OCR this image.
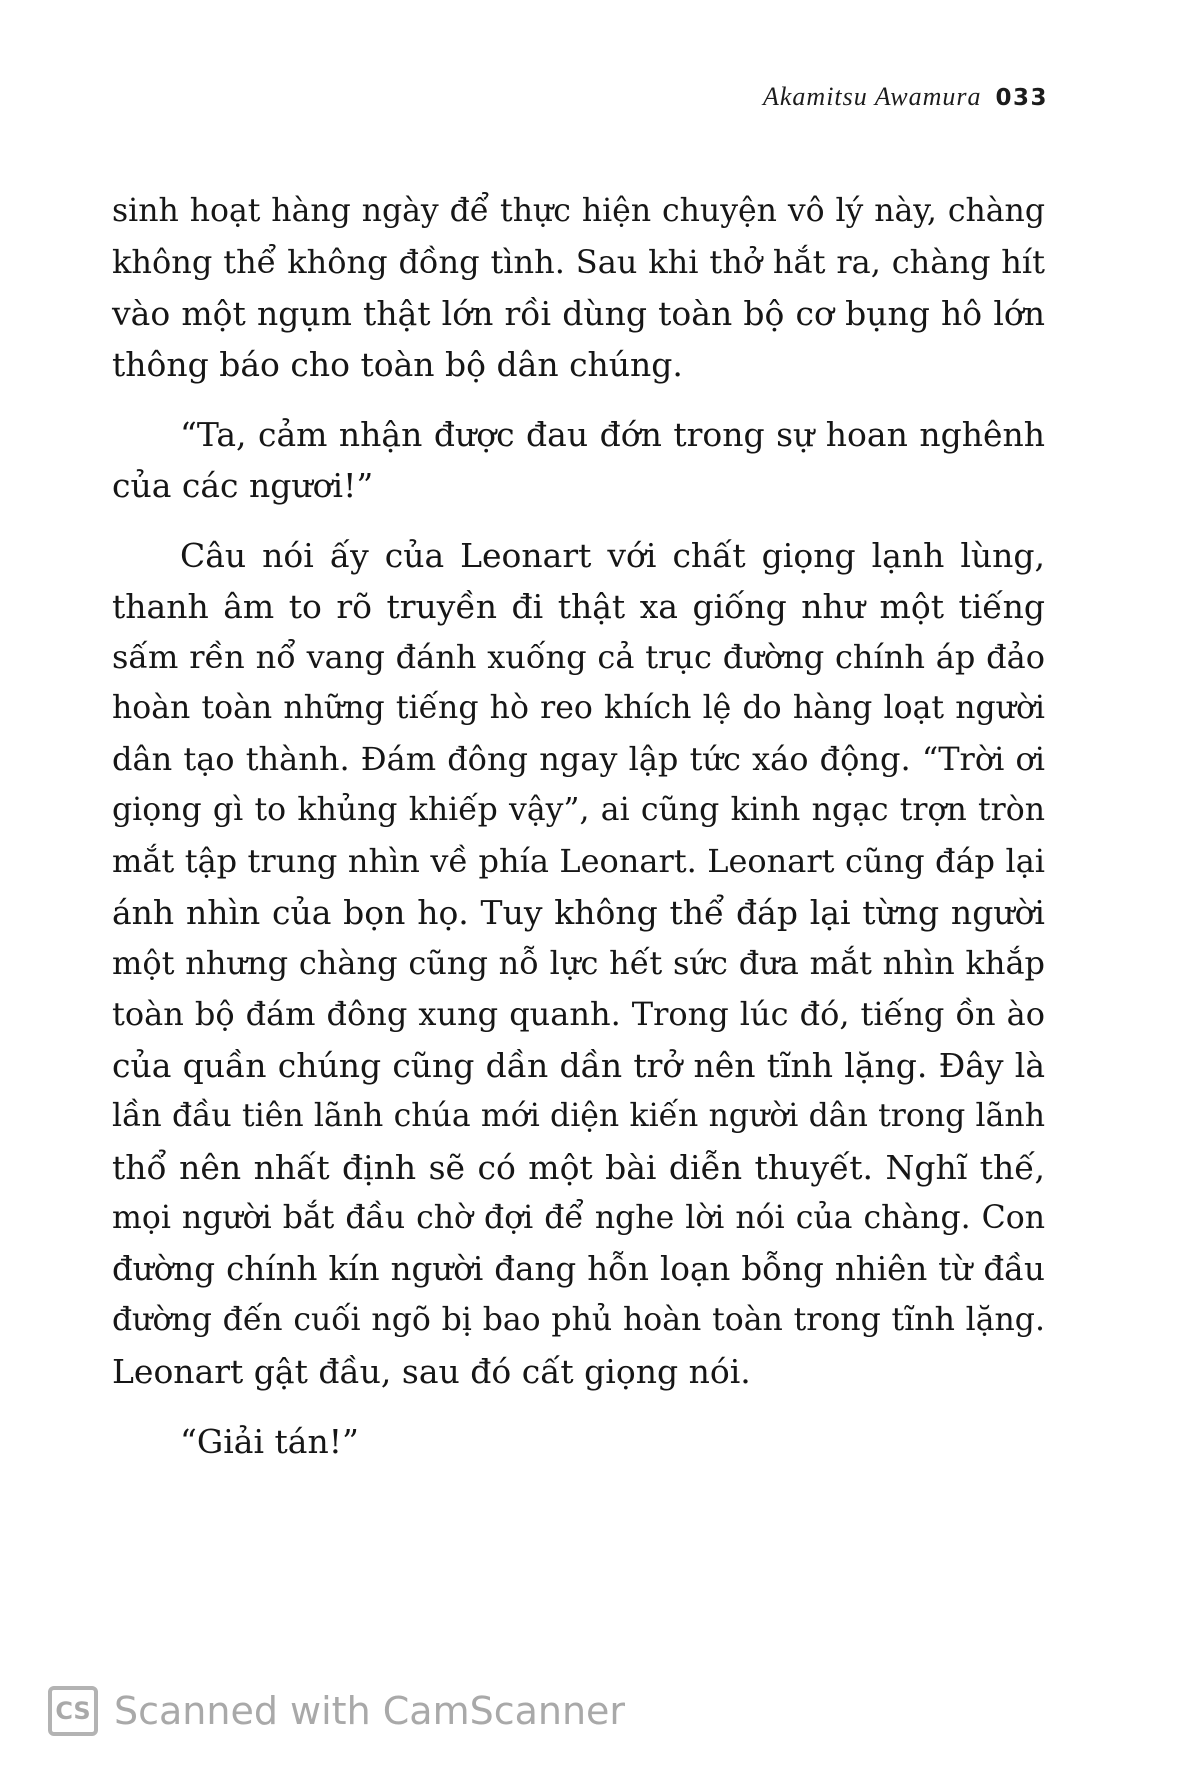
Akamitsu Awamura 033
sinh hoạt hàng ngày để thực hiện chuyện vô lý này, chàng
không thể không đồng tình. Sau khi thở hắt ra, chàng hít
vào một ngụm thật lớn rồi dùng toàn bộ cơ bụng hô lớn
thông báo cho toàn bộ dân chúng.
“Ta, cảm nhận được đau đớn trong sự hoan nghênh
của các ngươi!”
Câu nói ấy của Leonart với chất giọng lạnh lùng,
thanh âm to rõ truyền đi thật xa giống như một tiếng
sấm rền nổ vang đánh xuống cả trục đường chính áp đảo
hoàn toàn những tiếng hò reo khích lệ do hàng loạt người
dân tạo thành. Đám đông ngay lập tức xáo động. “Trời ơi
giọng gì to khủng khiếp vậy”, ai cũng kinh ngạc trợn tròn
mắt tập trung nhìn về phía Leonart. Leonart cũng đáp lại
ánh nhìn của bọn họ. Tuy không thể đáp lại từng người
một nhưng chàng cũng nỗ lực hết sức đưa mắt nhìn khắp
toàn bộ đám đông xung quanh. Trong lúc đó, tiếng ồn ào
của quần chúng cũng dần dần trở nên tĩnh lặng. Đây là
lần đầu tiên lãnh chúa mới diện kiến người dân trong lãnh
thổ nên nhất định sẽ có một bài diễn thuyết. Nghĩ thế,
mọi người bắt đầu chờ đợi để nghe lời nói của chàng. Con
đường chính kín người đang hỗn loạn bỗng nhiên từ đầu
đường đến cuối ngõ bị bao phủ hoàn toàn trong tĩnh lặng.
Leonart gật đầu, sau đó cất giọng nói.
“Giải tán!”
CS Scanned with CamScanner
